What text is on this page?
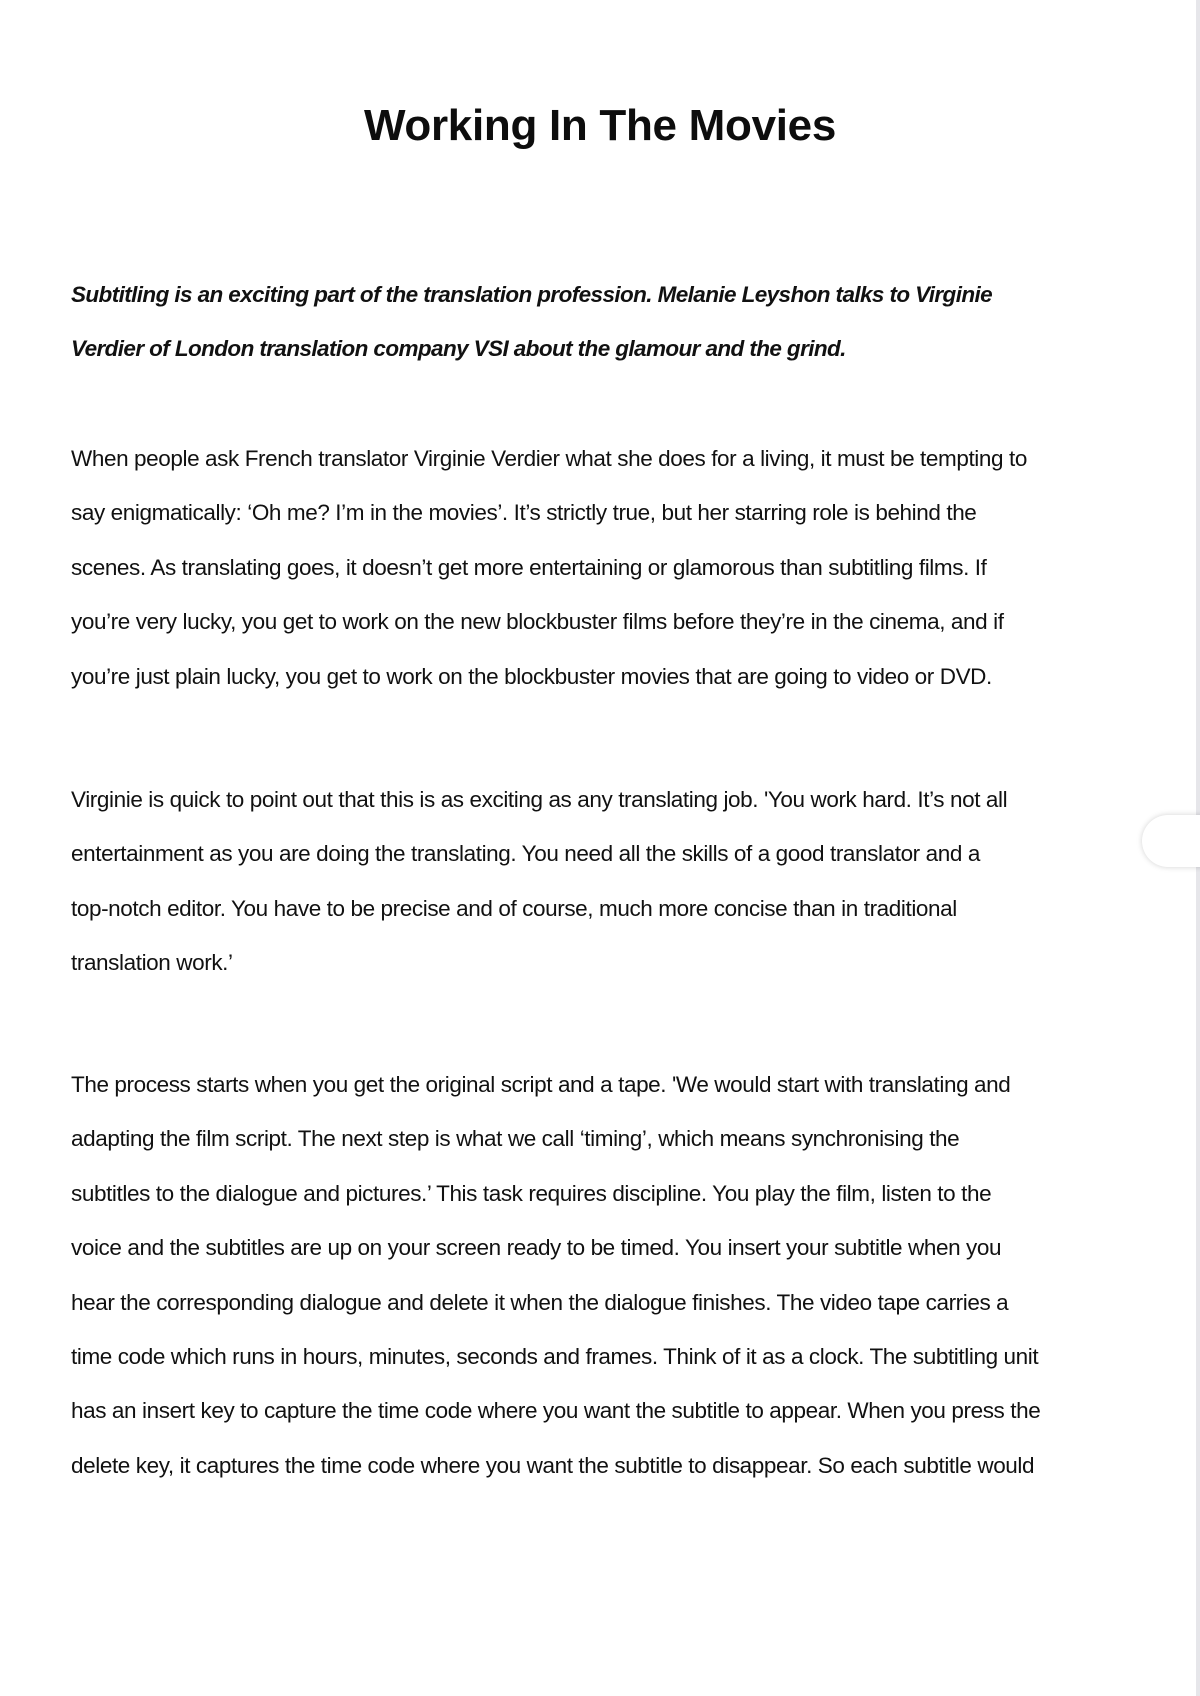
Working In The Movies

Subtitling is an exciting part of the translation profession. Melanie Leyshon talks to Virginie
Verdier of London translation company VSI about the glamour and the grind.

When people ask French translator Virginie Verdier what she does for a living, it must be tempting to
say enigmatically: ‘Oh me? I’m in the movies’. It’s strictly true, but her starring role is behind the
scenes. As translating goes, it doesn’t get more entertaining or glamorous than subtitling films. If
you’re very lucky, you get to work on the new blockbuster films before they’re in the cinema, and if
you’re just plain lucky, you get to work on the blockbuster movies that are going to video or DVD.

Virginie is quick to point out that this is as exciting as any translating job. 'You work hard. It’s not all
entertainment as you are doing the translating. You need all the skills of a good translator and a
top-notch editor. You have to be precise and of course, much more concise than in traditional
translation work.’

The process starts when you get the original script and a tape. 'We would start with translating and
adapting the film script. The next step is what we call ‘timing’, which means synchronising the
subtitles to the dialogue and pictures.’ This task requires discipline. You play the film, listen to the
voice and the subtitles are up on your screen ready to be timed. You insert your subtitle when you
hear the corresponding dialogue and delete it when the dialogue finishes. The video tape carries a
time code which runs in hours, minutes, seconds and frames. Think of it as a clock. The subtitling unit
has an insert key to capture the time code where you want the subtitle to appear. When you press the
delete key, it captures the time code where you want the subtitle to disappear. So each subtitle would
